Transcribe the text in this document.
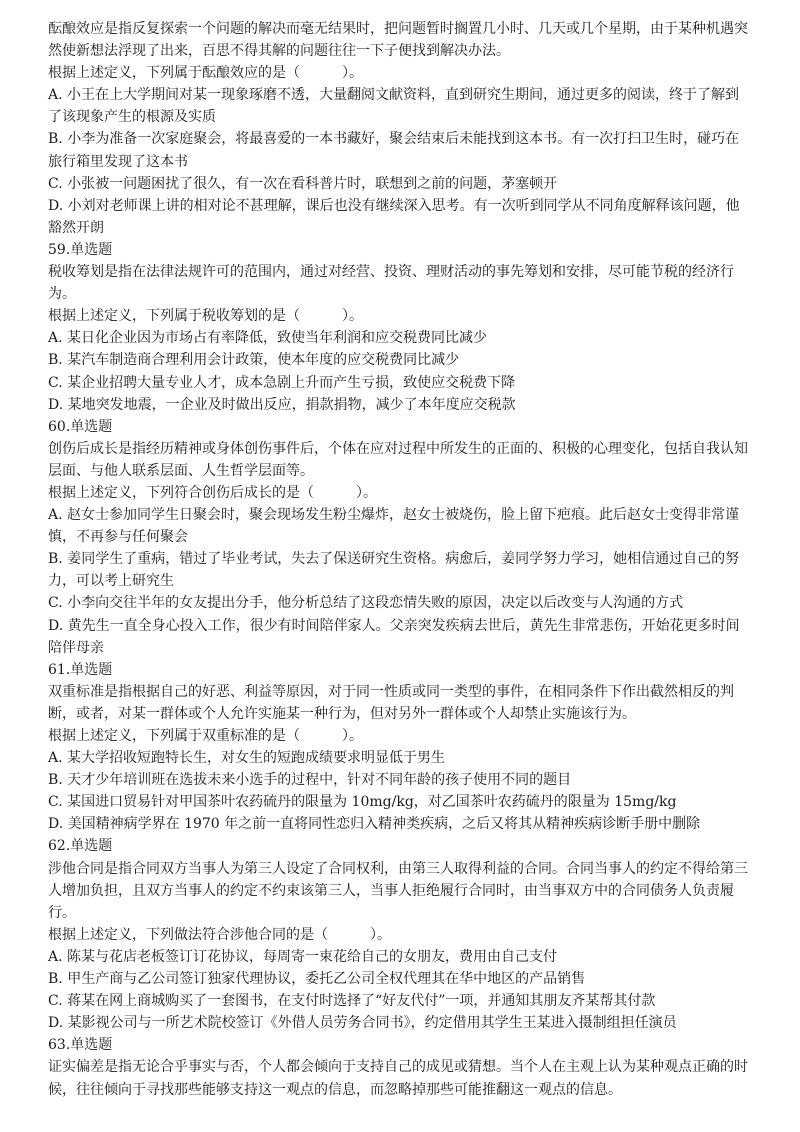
酝酿效应是指反复探索一个问题的解决而毫无结果时，把问题暂时搁置几小时、几天或几个星期，由于某种机遇突然使新想法浮现了出来，百思不得其解的问题往往一下子便找到解决办法。

根据上述定义，下列属于酝酿效应的是（　　　）。

A. 小王在上大学期间对某一现象琢磨不透，大量翻阅文献资料，直到研究生期间，通过更多的阅读，终于了解到了该现象产生的根源及实质

B. 小李为准备一次家庭聚会，将最喜爱的一本书藏好，聚会结束后未能找到这本书。有一次打扫卫生时，碰巧在旅行箱里发现了这本书

C. 小张被一问题困扰了很久，有一次在看科普片时，联想到之前的问题，茅塞顿开

D. 小刘对老师课上讲的相对论不甚理解，课后也没有继续深入思考。有一次听到同学从不同角度解释该问题，他豁然开朗

59.单选题

税收筹划是指在法律法规许可的范围内，通过对经营、投资、理财活动的事先筹划和安排，尽可能节税的经济行为。

根据上述定义，下列属于税收筹划的是（　　　）。

A. 某日化企业因为市场占有率降低，致使当年利润和应交税费同比减少

B. 某汽车制造商合理利用会计政策，使本年度的应交税费同比减少

C. 某企业招聘大量专业人才，成本急剧上升而产生亏损，致使应交税费下降

D. 某地突发地震，一企业及时做出反应，捐款捐物，减少了本年度应交税款

60.单选题

创伤后成长是指经历精神或身体创伤事件后，个体在应对过程中所发生的正面的、积极的心理变化，包括自我认知层面、与他人联系层面、人生哲学层面等。

根据上述定义，下列符合创伤后成长的是（　　　）。

A. 赵女士参加同学生日聚会时，聚会现场发生粉尘爆炸，赵女士被烧伤，脸上留下疤痕。此后赵女士变得非常谨慎，不再参与任何聚会

B. 姜同学生了重病，错过了毕业考试，失去了保送研究生资格。病愈后，姜同学努力学习，她相信通过自己的努力，可以考上研究生

C. 小李向交往半年的女友提出分手，他分析总结了这段恋情失败的原因，决定以后改变与人沟通的方式

D. 黄先生一直全身心投入工作，很少有时间陪伴家人。父亲突发疾病去世后，黄先生非常悲伤，开始花更多时间陪伴母亲

61.单选题

双重标准是指根据自己的好恶、利益等原因，对于同一性质或同一类型的事件，在相同条件下作出截然相反的判断，或者，对某一群体或个人允许实施某一种行为，但对另外一群体或个人却禁止实施该行为。

根据上述定义，下列属于双重标准的是（　　　）。

A. 某大学招收短跑特长生，对女生的短跑成绩要求明显低于男生

B. 天才少年培训班在选拔未来小选手的过程中，针对不同年龄的孩子使用不同的题目

C. 某国进口贸易针对甲国茶叶农药硫丹的限量为 10mg/kg，对乙国茶叶农药硫丹的限量为 15mg/kg

D. 美国精神病学界在 1970 年之前一直将同性恋归入精神类疾病，之后又将其从精神疾病诊断手册中删除

62.单选题

涉他合同是指合同双方当事人为第三人设定了合同权利，由第三人取得利益的合同。合同当事人的约定不得给第三人增加负担，且双方当事人的约定不约束该第三人，当事人拒绝履行合同时，由当事双方中的合同债务人负责履行。

根据上述定义，下列做法符合涉他合同的是（　　　）。

A. 陈某与花店老板签订订花协议，每周寄一束花给自己的女朋友，费用由自己支付

B. 甲生产商与乙公司签订独家代理协议，委托乙公司全权代理其在华中地区的产品销售

C. 蒋某在网上商城购买了一套图书，在支付时选择了“好友代付”一项，并通知其朋友齐某帮其付款

D. 某影视公司与一所艺术院校签订《外借人员劳务合同书》，约定借用其学生王某进入摄制组担任演员

63.单选题

证实偏差是指无论合乎事实与否，个人都会倾向于支持自己的成见或猜想。当个人在主观上认为某种观点正确的时候，往往倾向于寻找那些能够支持这一观点的信息，而忽略掉那些可能推翻这一观点的信息。
